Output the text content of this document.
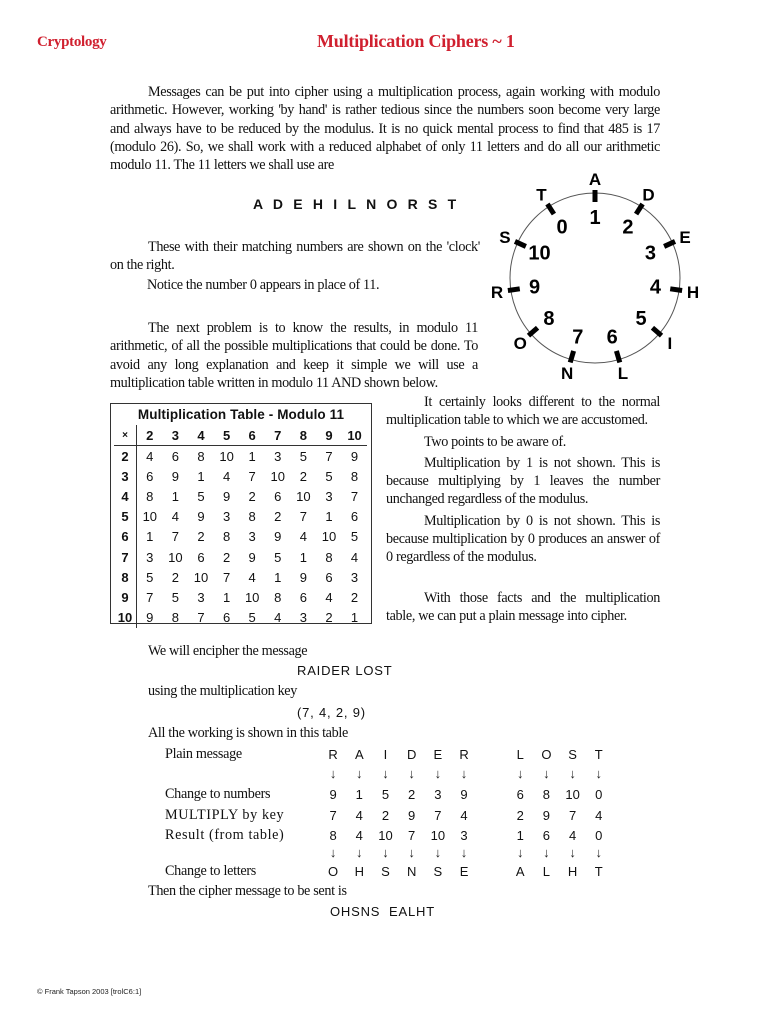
Cryptology	Multiplication Ciphers ~ 1
Messages can be put into cipher using a multiplication process, again working with modulo arithmetic. However, working 'by hand' is rather tedious since the numbers soon become very large and always have to be reduced by the modulus. It is no quick mental process to find that 485 is 17 (modulo 26). So, we shall work with a reduced alphabet of only 11 letters and do all our arithmetic modulo 11. The 11 letters we shall use are
A D E H I L N O R S T
These with their matching numbers are shown on the 'clock' on the right.
Notice the number 0 appears in place of 11.
The next problem is to know the results, in modulo 11 arithmetic, of all the possible multiplications that could be done. To avoid any long explanation and keep it simple we will use a multiplication table written in modulo 11 AND shown below.
A
1
D
2	E
3
H
4
I
5
L
6
N
7
O
8
R 9
S
10
T
0
Multiplication Table - Modulo 11
×	2	3	4	5	6	7	8	9	10
2	4	6	8	10	1	3	5	7	9
3	6	9	1	4	7	10	2	5	8
4	8	1	5	9	2	6	10	3	7
5	10	4	9	3	8	2	7	1	6
6	1	7	2	8	3	9	4	10	5
7	3	10	6	2	9	5	1	8	4
8	5	2	10	7	4	1	9	6	3
9	7	5	3	1	10	8	6	4	2
10	9	8	7	6	5	4	3	2	1

It certainly looks different to the normal multiplication table to which we are accustomed.

Two points to be aware of.

Multiplication by 1 is not shown. This is because multiplying by 1 leaves the number unchanged regardless of the modulus.

Multiplication by 0 is not shown. This is because multiplication by 0 produces an answer of 0 regardless of the modulus.

With those facts and the multiplication table, we can put a plain message into cipher.

We will encipher the message
RAIDER LOST
using the multiplication key
(7, 4, 2, 9)
All the working is shown in this table
Plain message	R	A	I	D	E	R	L	O	S	T
↓	↓	↓	↓	↓	↓	↓	↓	↓	↓
Change to numbers	9	1	5	2	3	9	6	8	10	0
MULTIPLY by key	7	4	2	9	7	4	2	9	7	4
Result (from table)	8	4	10	7	10	3	1	6	4	0
↓	↓	↓	↓	↓	↓	↓	↓	↓	↓
Change to letters	O	H	S	N	S	E	A	L	H	T
Then the cipher message to be sent is
OHSNS  EALHT
© Frank Tapson 2003 [trolC6:1]
